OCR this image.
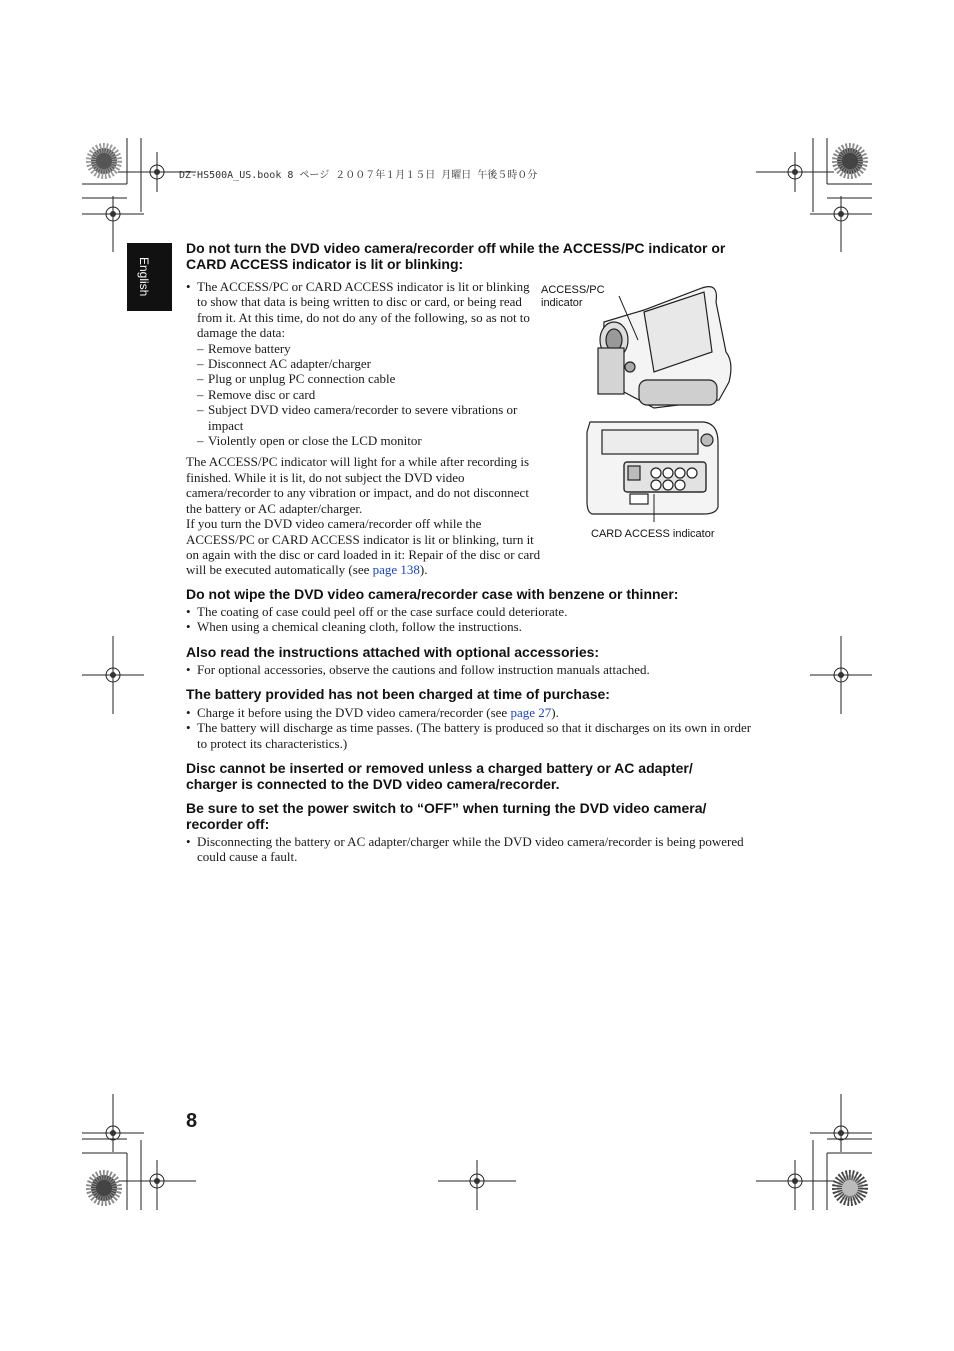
DZ-HS500A_US.book 8 ページ ２００７年１月１５日 月曜日 午後５時０分
English
Do not turn the DVD video camera/recorder off while the ACCESS/PC indicator or CARD ACCESS indicator is lit or blinking:
• The ACCESS/PC or CARD ACCESS indicator is lit or blinking to show that data is being written to disc or card, or being read from it. At this time, do not do any of the following, so as not to damage the data:
– Remove battery
– Disconnect AC adapter/charger
– Plug or unplug PC connection cable
– Remove disc or card
– Subject DVD video camera/recorder to severe vibrations or impact
– Violently open or close the LCD monitor
The ACCESS/PC indicator will light for a while after recording is finished. While it is lit, do not subject the DVD video camera/recorder to any vibration or impact, and do not disconnect the battery or AC adapter/charger.
If you turn the DVD video camera/recorder off while the ACCESS/PC or CARD ACCESS indicator is lit or blinking, turn it on again with the disc or card loaded in it: Repair of the disc or card will be executed automatically (see page 138).
ACCESS/PC indicator
CARD ACCESS indicator
Do not wipe the DVD video camera/recorder case with benzene or thinner:
• The coating of case could peel off or the case surface could deteriorate.
• When using a chemical cleaning cloth, follow the instructions.
Also read the instructions attached with optional accessories:
• For optional accessories, observe the cautions and follow instruction manuals attached.
The battery provided has not been charged at time of purchase:
• Charge it before using the DVD video camera/recorder (see page 27).
• The battery will discharge as time passes. (The battery is produced so that it discharges on its own in order to protect its characteristics.)
Disc cannot be inserted or removed unless a charged battery or AC adapter/ charger is connected to the DVD video camera/recorder.
Be sure to set the power switch to “OFF” when turning the DVD video camera/ recorder off:
• Disconnecting the battery or AC adapter/charger while the DVD video camera/recorder is being powered could cause a fault.
8
